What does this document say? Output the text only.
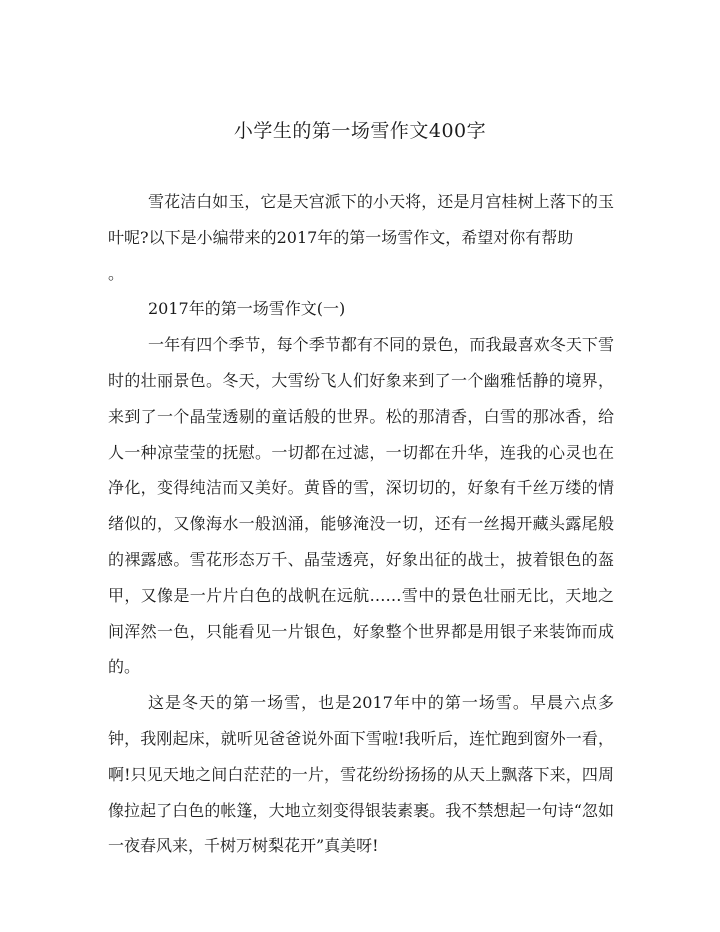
小学生的第一场雪作文400字

雪花洁白如玉，它是天宫派下的小天将，还是月宫桂树上落下的玉叶呢?以下是小编带来的2017年的第一场雪作文，希望对你有帮助

。

2017年的第一场雪作文(一)

一年有四个季节，每个季节都有不同的景色，而我最喜欢冬天下雪时的壮丽景色。冬天，大雪纷飞人们好象来到了一个幽雅恬静的境界，来到了一个晶莹透剔的童话般的世界。松的那清香，白雪的那冰香，给人一种凉莹莹的抚慰。一切都在过滤，一切都在升华，连我的心灵也在净化，变得纯洁而又美好。黄昏的雪，深切切的，好象有千丝万缕的情绪似的，又像海水一般汹涌，能够淹没一切，还有一丝揭开藏头露尾般的裸露感。雪花形态万千、晶莹透亮，好象出征的战士，披着银色的盔甲，又像是一片片白色的战帆在远航……雪中的景色壮丽无比，天地之间浑然一色，只能看见一片银色，好象整个世界都是用银子来装饰而成的。

这是冬天的第一场雪，也是2017年中的第一场雪。早晨六点多钟，我刚起床，就听见爸爸说外面下雪啦!我听后，连忙跑到窗外一看，啊!只见天地之间白茫茫的一片，雪花纷纷扬扬的从天上飘落下来，四周像拉起了白色的帐篷，大地立刻变得银装素裹。我不禁想起一句诗“忽如一夜春风来，千树万树梨花开”真美呀!
